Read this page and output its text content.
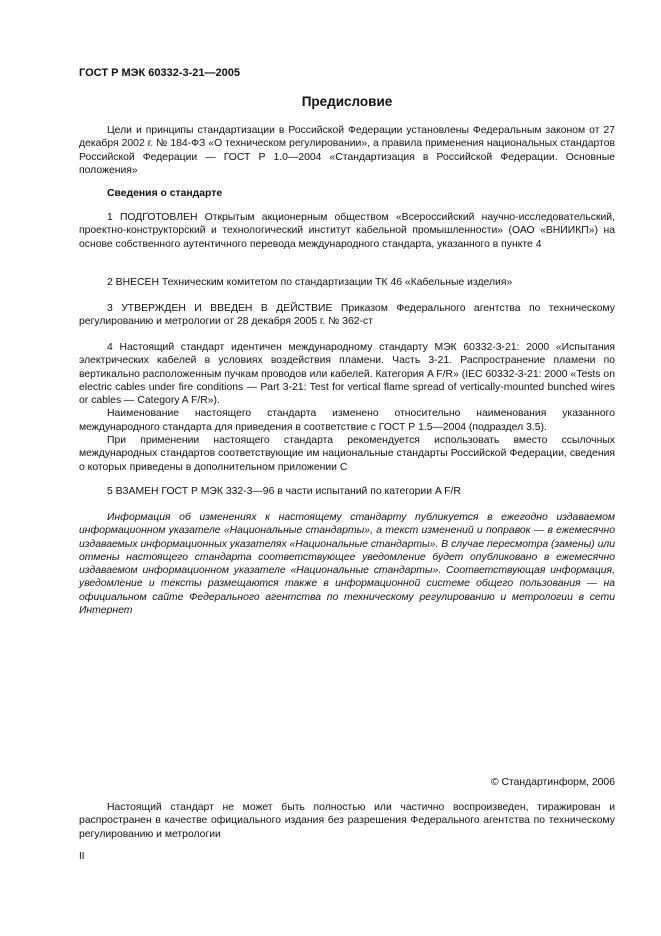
ГОСТ Р МЭК 60332-3-21—2005
Предисловие

Цели и принципы стандартизации в Российской Федерации установлены Федеральным законом от 27 декабря 2002 г. № 184-ФЗ «О техническом регулировании», а правила применения национальных стандартов Российской Федерации — ГОСТ Р 1.0—2004 «Стандартизация в Российской Федерации. Основные положения»

Сведения о стандарте

1 ПОДГОТОВЛЕН Открытым акционерным обществом «Всероссийский научно-исследовательский, проектно-конструкторский и технологический институт кабельной промышленности» (ОАО «ВНИИКП») на основе собственного аутентичного перевода международного стандарта, указанного в пункте 4

2 ВНЕСЕН Техническим комитетом по стандартизации ТК 46 «Кабельные изделия»

3 УТВЕРЖДЕН И ВВЕДЕН В ДЕЙСТВИЕ Приказом Федерального агентства по техническому регулированию и метрологии от 28 декабря 2005 г. № 362-ст

4 Настоящий стандарт идентичен международному стандарту МЭК 60332-3-21: 2000 «Испытания электрических кабелей в условиях воздействия пламени. Часть 3-21. Распространение пламени по вертикально расположенным пучкам проводов или кабелей. Категория A F/R» (IEC 60332-3-21: 2000 «Tests on electric cables under fire conditions — Part 3-21: Test for vertical flame spread of vertically-mounted bunched wires or cables — Category A F/R»).

Наименование настоящего стандарта изменено относительно наименования указанного международного стандарта для приведения в соответствие с ГОСТ Р 1.5—2004 (подраздел 3.5).

При применении настоящего стандарта рекомендуется использовать вместо ссылочных международных стандартов соответствующие им национальные стандарты Российской Федерации, сведения о которых приведены в дополнительном приложении C

5 ВЗАМЕН ГОСТ Р МЭК 332-3—96 в части испытаний по категории A F/R

Информация об изменениях к настоящему стандарту публикуется в ежегодно издаваемом информационном указателе «Национальные стандарты», а текст изменений и поправок — в ежемесячно издаваемых информационных указателях «Национальные стандарты». В случае пересмотра (замены) или отмены настоящего стандарта соответствующее уведомление будет опубликовано в ежемесячно издаваемом информационном указателе «Национальные стандарты». Соответствующая информация, уведомление и тексты размещаются также в информационной системе общего пользования — на официальном сайте Федерального агентства по техническому регулированию и метрологии в сети Интернет

© Стандартинформ, 2006

Настоящий стандарт не может быть полностью или частично воспроизведен, тиражирован и распространен в качестве официального издания без разрешения Федерального агентства по техническому регулированию и метрологии

II
